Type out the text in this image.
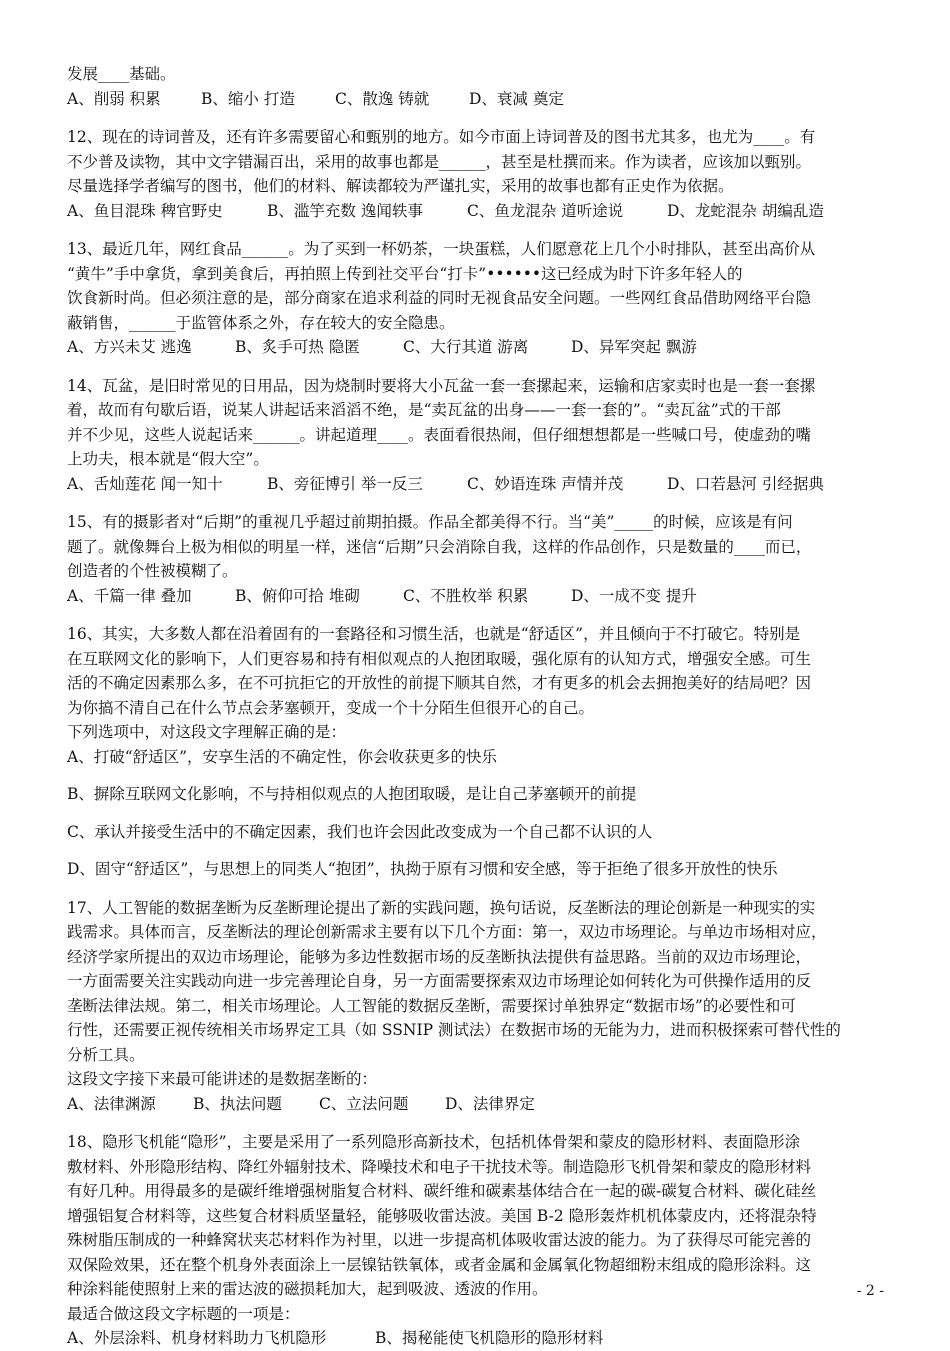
发展____基础。
A、削弱 积累	B、缩小 打造	C、散逸 铸就	D、衰减 奠定
12、现在的诗词普及，还有许多需要留心和甄别的地方。如今市面上诗词普及的图书尤其多，也尤为____。有
不少普及读物，其中文字错漏百出，采用的故事也都是______，甚至是杜撰而来。作为读者，应该加以甄别。
尽量选择学者编写的图书，他们的材料、解读都较为严谨扎实，采用的故事也都有正史作为依据。
A、鱼目混珠 稗官野史	B、滥竽充数 逸闻轶事	C、鱼龙混杂 道听途说	D、龙蛇混杂 胡编乱造
13、最近几年，网红食品______。为了买到一杯奶茶，一块蛋糕，人们愿意花上几个小时排队，甚至出高价从
“黄牛”手中拿货，拿到美食后，再拍照上传到社交平台“打卡”••••••这已经成为时下许多年轻人的
饮食新时尚。但必须注意的是，部分商家在追求利益的同时无视食品安全问题。一些网红食品借助网络平台隐
蔽销售，______于监管体系之外，存在较大的安全隐患。
A、方兴未艾 逃逸	B、炙手可热 隐匿	C、大行其道 游离	D、异军突起 飘游
14、瓦盆，是旧时常见的日用品，因为烧制时要将大小瓦盆一套一套摞起来，运输和店家卖时也是一套一套摞
着，故而有句歇后语，说某人讲起话来滔滔不绝，是“卖瓦盆的出身——一套一套的”。“卖瓦盆”式的干部
并不少见，这些人说起话来______。讲起道理____。表面看很热闹，但仔细想想都是一些喊口号，使虚劲的嘴
上功夫，根本就是“假大空”。
A、舌灿莲花 闻一知十	B、旁征博引 举一反三	C、妙语连珠 声情并茂	D、口若悬河 引经据典
15、有的摄影者对“后期”的重视几乎超过前期拍摄。作品全都美得不行。当“美”_____的时候，应该是有问
题了。就像舞台上极为相似的明星一样，迷信“后期”只会消除自我，这样的作品创作，只是数量的____而已，
创造者的个性被模糊了。
A、千篇一律 叠加	B、俯仰可拾 堆砌	C、不胜枚举 积累	D、一成不变 提升
16、其实，大多数人都在沿着固有的一套路径和习惯生活，也就是“舒适区”，并且倾向于不打破它。特别是
在互联网文化的影响下，人们更容易和持有相似观点的人抱团取暖，强化原有的认知方式，增强安全感。可生
活的不确定因素那么多，在不可抗拒它的开放性的前提下顺其自然，才有更多的机会去拥抱美好的结局吧？因
为你搞不清自己在什么节点会茅塞顿开，变成一个十分陌生但很开心的自己。
下列选项中，对这段文字理解正确的是：
A、打破“舒适区”，安享生活的不确定性，你会收获更多的快乐
B、摒除互联网文化影响，不与持相似观点的人抱团取暖，是让自己茅塞顿开的前提
C、承认并接受生活中的不确定因素，我们也许会因此改变成为一个自己都不认识的人
D、固守“舒适区”，与思想上的同类人“抱团”，执拗于原有习惯和安全感，等于拒绝了很多开放性的快乐
17、人工智能的数据垄断为反垄断理论提出了新的实践问题，换句话说，反垄断法的理论创新是一种现实的实
践需求。具体而言，反垄断法的理论创新需求主要有以下几个方面：第一，双边市场理论。与单边市场相对应，
经济学家所提出的双边市场理论，能够为多边性数据市场的反垄断执法提供有益思路。当前的双边市场理论，
一方面需要关注实践动向进一步完善理论自身，另一方面需要探索双边市场理论如何转化为可供操作适用的反
垄断法律法规。第二，相关市场理论。人工智能的数据反垄断，需要探讨单独界定“数据市场”的必要性和可
行性，还需要正视传统相关市场界定工具（如 SSNIP 测试法）在数据市场的无能为力，进而积极探索可替代性的
分析工具。
这段文字接下来最可能讲述的是数据垄断的：
A、法律渊源 B、执法问题 C、立法问题 D、法律界定
18、隐形飞机能“隐形”，主要是采用了一系列隐形高新技术，包括机体骨架和蒙皮的隐形材料、表面隐形涂
敷材料、外形隐形结构、降红外辐射技术、降噪技术和电子干扰技术等。制造隐形飞机骨架和蒙皮的隐形材料
有好几种。用得最多的是碳纤维增强树脂复合材料、碳纤维和碳素基体结合在一起的碳-碳复合材料、碳化硅丝
增强铝复合材料等，这些复合材料质坚量轻，能够吸收雷达波。美国 B-2 隐形轰炸机机体蒙皮内，还将混杂特
殊树脂压制成的一种蜂窝状夹芯材料作为衬里，以进一步提高机体吸收雷达波的能力。为了获得尽可能完善的
双保险效果，还在整个机身外表面涂上一层镍钴铁氧体，或者金属和金属氧化物超细粉末组成的隐形涂料。这
种涂料能使照射上来的雷达波的磁损耗加大，起到吸波、透波的作用。
最适合做这段文字标题的一项是：
A、外层涂料、机身材料助力飞机隐形	B、揭秘能使飞机隐形的隐形材料
- 2 -
